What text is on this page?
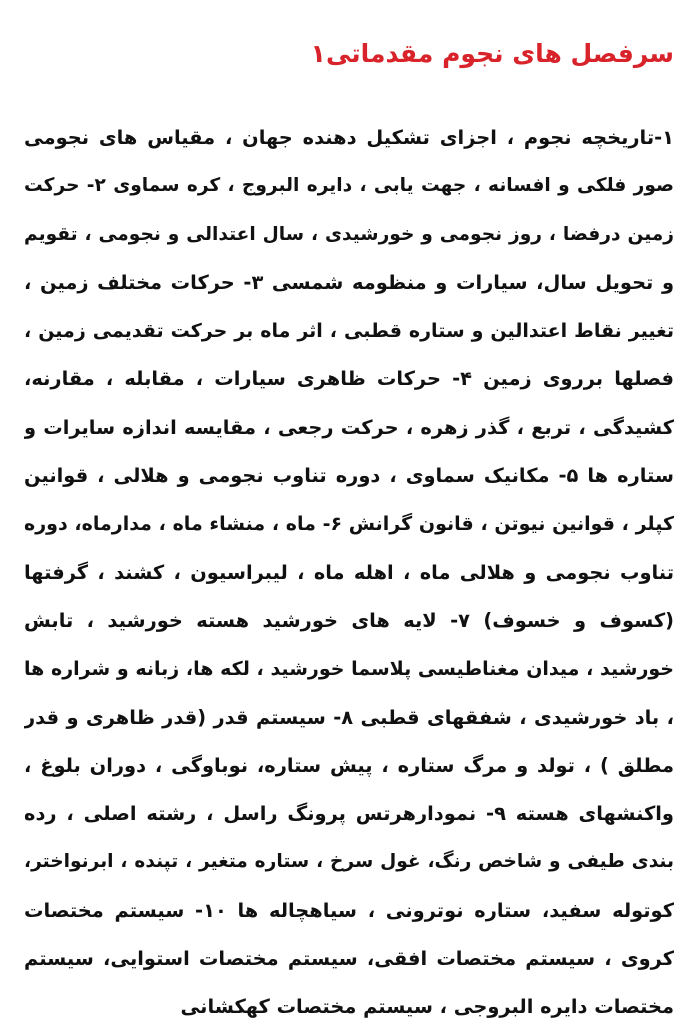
سرفصل های نجوم مقدماتی۱
۱-تاریخچه نجوم ، اجزای تشکیل دهنده جهان ، مقیاس های نجومی
صور فلکی و افسانه ، جهت یابی ، دایره البروج ، کره سماوی ۲- حرکت
زمین درفضا ، روز نجومی و خورشیدی ، سال اعتدالی و نجومی ، تقویم
و تحویل سال، سیارات و منظومه شمسی ۳- حرکات مختلف زمین ،
تغییر نقاط اعتدالین و ستاره قطبی ، اثر ماه بر حرکت تقدیمی زمین ،
فصلها برروی زمین ۴- حرکات ظاهری سیارات ، مقابله ، مقارنه،
کشیدگی ، تربع ، گذر زهره ، حرکت رجعی ، مقایسه اندازه سایرات و
ستاره ها ۵- مکانیک سماوی ، دوره تناوب نجومی و هلالی ، قوانین
کپلر ، قوانین نیوتن ، قانون گرانش ۶- ماه ، منشاء ماه ، مدارماه، دوره
تناوب نجومی و هلالی ماه ، اهله ماه ، لیبراسیون ، کشند ، گرفتها
(کسوف و خسوف) ۷- لایه های خورشید هسته خورشید ، تابش
خورشید ، میدان مغناطیسی پلاسما خورشید ، لکه ها، زبانه و شراره ها
، باد خورشیدی ، شفقهای قطبی ۸- سیستم قدر (قدر ظاهری و قدر
مطلق ) ، تولد و مرگ ستاره ، پیش ستاره، نوباوگی ، دوران بلوغ ،
واکنشهای هسته ۹- نمودارهرتس پرونگ راسل ، رشته اصلی ، رده
بندی طیفی و شاخص رنگ، غول سرخ ، ستاره متغیر ، تپنده ، ابرنواختر،
کوتوله سفید، ستاره نوترونی ، سیاهچاله ها ۱۰- سیستم مختصات
کروی ، سیستم مختصات افقی، سیستم مختصات استوایی، سیستم
مختصات دایره البروجی ، سیستم مختصات کهکشانی
